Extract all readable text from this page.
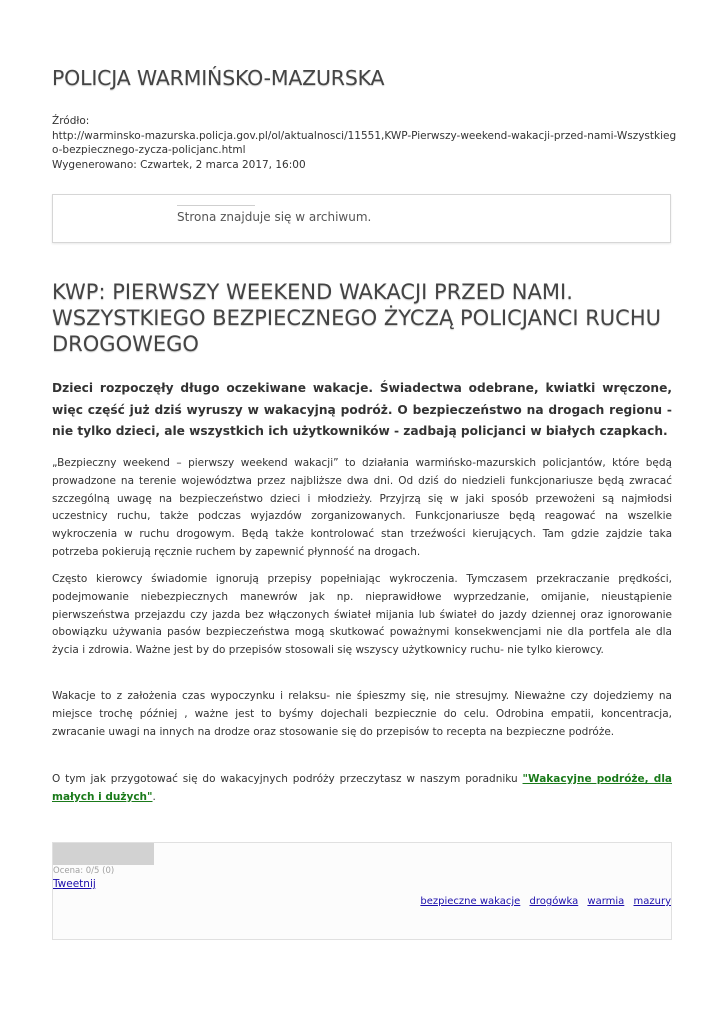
POLICJA WARMIŃSKO-MAZURSKA
Źródło:
http://warminsko-mazurska.policja.gov.pl/ol/aktualnosci/11551,KWP-Pierwszy-weekend-wakacji-przed-nami-Wszystkiego-bezpiecznego-zycza-policjanc.html
Wygenerowano: Czwartek, 2 marca 2017, 16:00
Strona znajduje się w archiwum.
KWP: PIERWSZY WEEKEND WAKACJI PRZED NAMI. WSZYSTKIEGO BEZPIECZNEGO ŻYCZĄ POLICJANCI RUCHU DROGOWEGO

Dzieci rozpoczęły długo oczekiwane wakacje. Świadectwa odebrane, kwiatki wręczone, więc część już dziś wyruszy w wakacyjną podróż. O bezpieczeństwo na drogach regionu - nie tylko dzieci, ale wszystkich ich użytkowników - zadbają policjanci w białych czapkach.

„Bezpieczny weekend – pierwszy weekend wakacji” to działania warmińsko-mazurskich policjantów, które będą prowadzone na terenie województwa przez najbliższe dwa dni. Od dziś do niedzieli funkcjonariusze będą zwracać szczególną uwagę na bezpieczeństwo dzieci i młodzieży. Przyjrzą się w jaki sposób przewożeni są najmłodsi uczestnicy ruchu, także podczas wyjazdów zorganizowanych. Funkcjonariusze będą reagować na wszelkie wykroczenia w ruchu drogowym. Będą także kontrolować stan trzeźwości kierujących. Tam gdzie zajdzie taka potrzeba pokierują ręcznie ruchem by zapewnić płynność na drogach.

Często kierowcy świadomie ignorują przepisy popełniając wykroczenia. Tymczasem przekraczanie prędkości, podejmowanie niebezpiecznych manewrów jak np. nieprawidłowe wyprzedzanie, omijanie, nieustąpienie pierwszeństwa przejazdu czy jazda bez włączonych świateł mijania lub świateł do jazdy dziennej oraz ignorowanie obowiązku używania pasów bezpieczeństwa mogą skutkować poważnymi konsekwencjami nie dla portfela ale dla życia i zdrowia. Ważne jest by do przepisów stosowali się wszyscy użytkownicy ruchu- nie tylko kierowcy.

Wakacje to z założenia czas wypoczynku i relaksu- nie śpieszmy się, nie stresujmy. Nieważne czy dojedziemy na miejsce trochę później , ważne jest to byśmy dojechali bezpiecznie do celu. Odrobina empatii, koncentracja, zwracanie uwagi na innych na drodze oraz stosowanie się do przepisów to recepta na bezpieczne podróże.

O tym jak przygotować się do wakacyjnych podróży przeczytasz w naszym poradniku "Wakacyjne podróże, dla małych i dużych".

Ocena: 0/5 (0)
Tweetnij
bezpieczne wakacje drogówka warmia mazury
